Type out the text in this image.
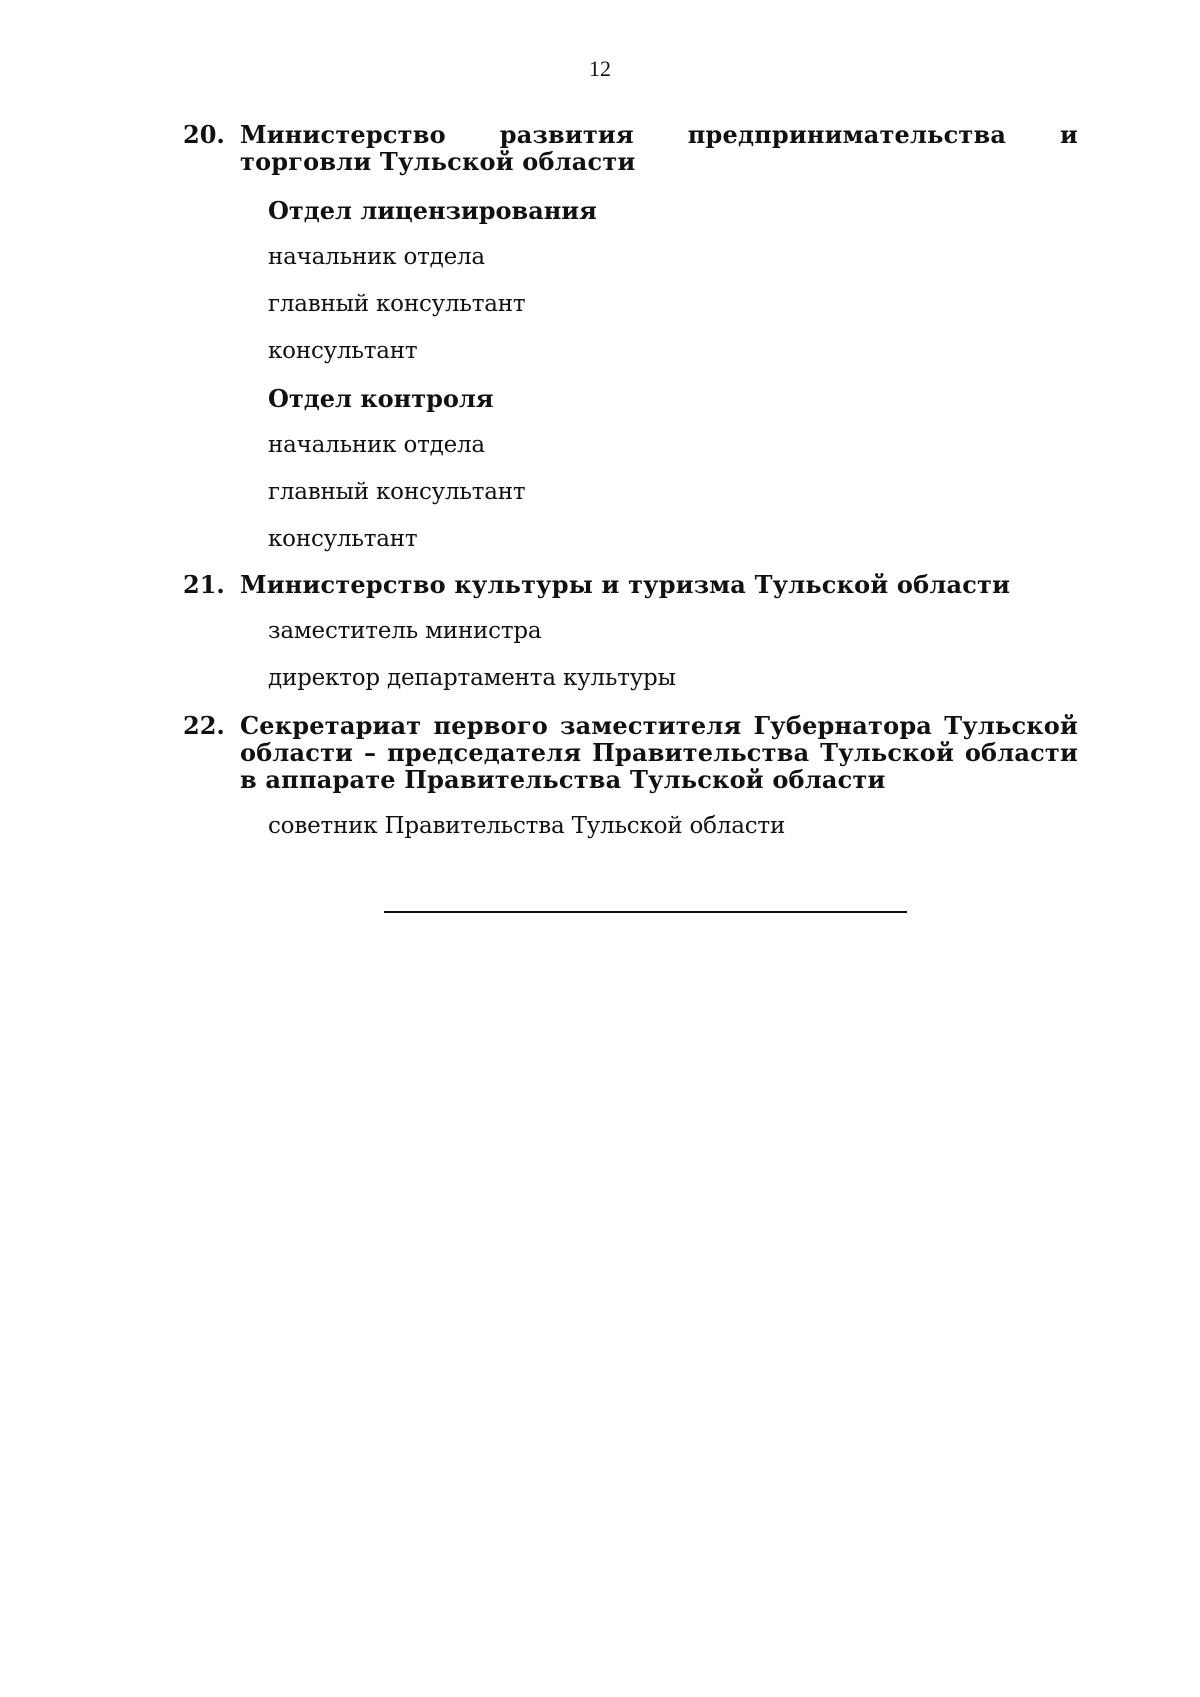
12
20. Министерство развития предпринимательства и торговли Тульской области
Отдел лицензирования
начальник отдела
главный консультант
консультант
Отдел контроля
начальник отдела
главный консультант
консультант
21. Министерство культуры и туризма Тульской области
заместитель министра
директор департамента культуры
22. Секретариат первого заместителя Губернатора Тульской области – председателя Правительства Тульской области в аппарате Правительства Тульской области
советник Правительства Тульской области
